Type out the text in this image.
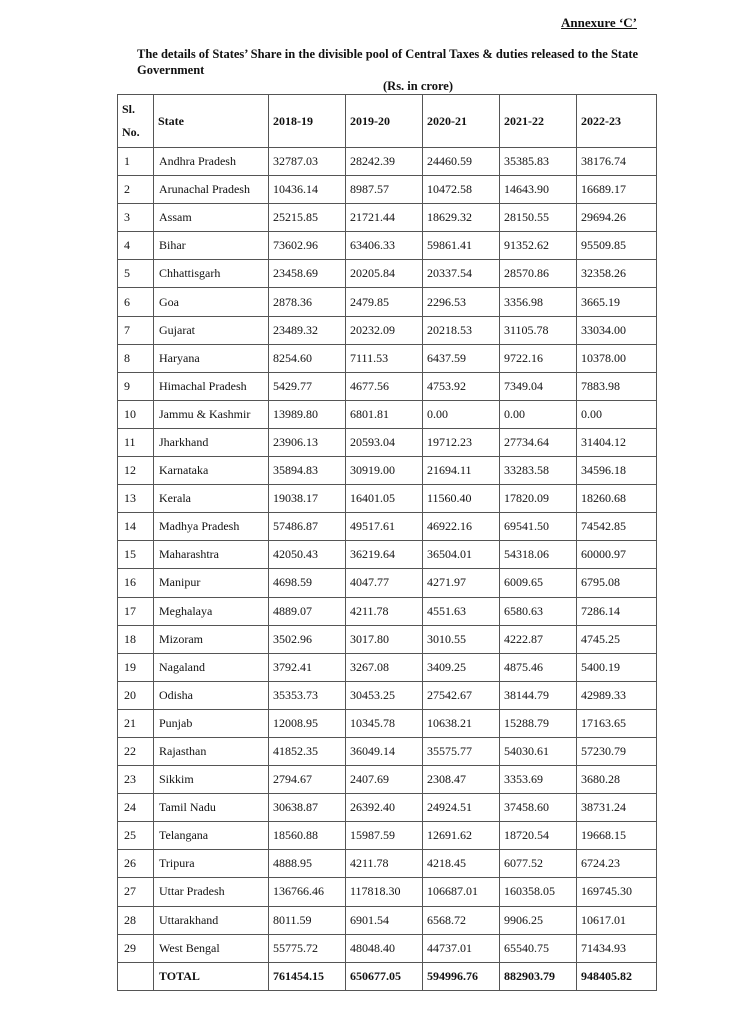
Annexure ‘C’
The details of States’ Share in the divisible pool of Central Taxes & duties released to the State Government
(Rs. in crore)
Sl.
No.	State	2018-19	2019-20	2020-21	2021-22	2022-23
1	Andhra Pradesh	32787.03	28242.39	24460.59	35385.83	38176.74
2	Arunachal Pradesh	10436.14	8987.57	10472.58	14643.90	16689.17
3	Assam	25215.85	21721.44	18629.32	28150.55	29694.26
4	Bihar	73602.96	63406.33	59861.41	91352.62	95509.85
5	Chhattisgarh	23458.69	20205.84	20337.54	28570.86	32358.26
6	Goa	2878.36	2479.85	2296.53	3356.98	3665.19
7	Gujarat	23489.32	20232.09	20218.53	31105.78	33034.00
8	Haryana	8254.60	7111.53	6437.59	9722.16	10378.00
9	Himachal Pradesh	5429.77	4677.56	4753.92	7349.04	7883.98
10	Jammu & Kashmir	13989.80	6801.81	0.00	0.00	0.00
11	Jharkhand	23906.13	20593.04	19712.23	27734.64	31404.12
12	Karnataka	35894.83	30919.00	21694.11	33283.58	34596.18
13	Kerala	19038.17	16401.05	11560.40	17820.09	18260.68
14	Madhya Pradesh	57486.87	49517.61	46922.16	69541.50	74542.85
15	Maharashtra	42050.43	36219.64	36504.01	54318.06	60000.97
16	Manipur	4698.59	4047.77	4271.97	6009.65	6795.08
17	Meghalaya	4889.07	4211.78	4551.63	6580.63	7286.14
18	Mizoram	3502.96	3017.80	3010.55	4222.87	4745.25
19	Nagaland	3792.41	3267.08	3409.25	4875.46	5400.19
20	Odisha	35353.73	30453.25	27542.67	38144.79	42989.33
21	Punjab	12008.95	10345.78	10638.21	15288.79	17163.65
22	Rajasthan	41852.35	36049.14	35575.77	54030.61	57230.79
23	Sikkim	2794.67	2407.69	2308.47	3353.69	3680.28
24	Tamil Nadu	30638.87	26392.40	24924.51	37458.60	38731.24
25	Telangana	18560.88	15987.59	12691.62	18720.54	19668.15
26	Tripura	4888.95	4211.78	4218.45	6077.52	6724.23
27	Uttar Pradesh	136766.46	117818.30	106687.01	160358.05	169745.30
28	Uttarakhand	8011.59	6901.54	6568.72	9906.25	10617.01
29	West Bengal	55775.72	48048.40	44737.01	65540.75	71434.93
	TOTAL	761454.15	650677.05	594996.76	882903.79	948405.82
